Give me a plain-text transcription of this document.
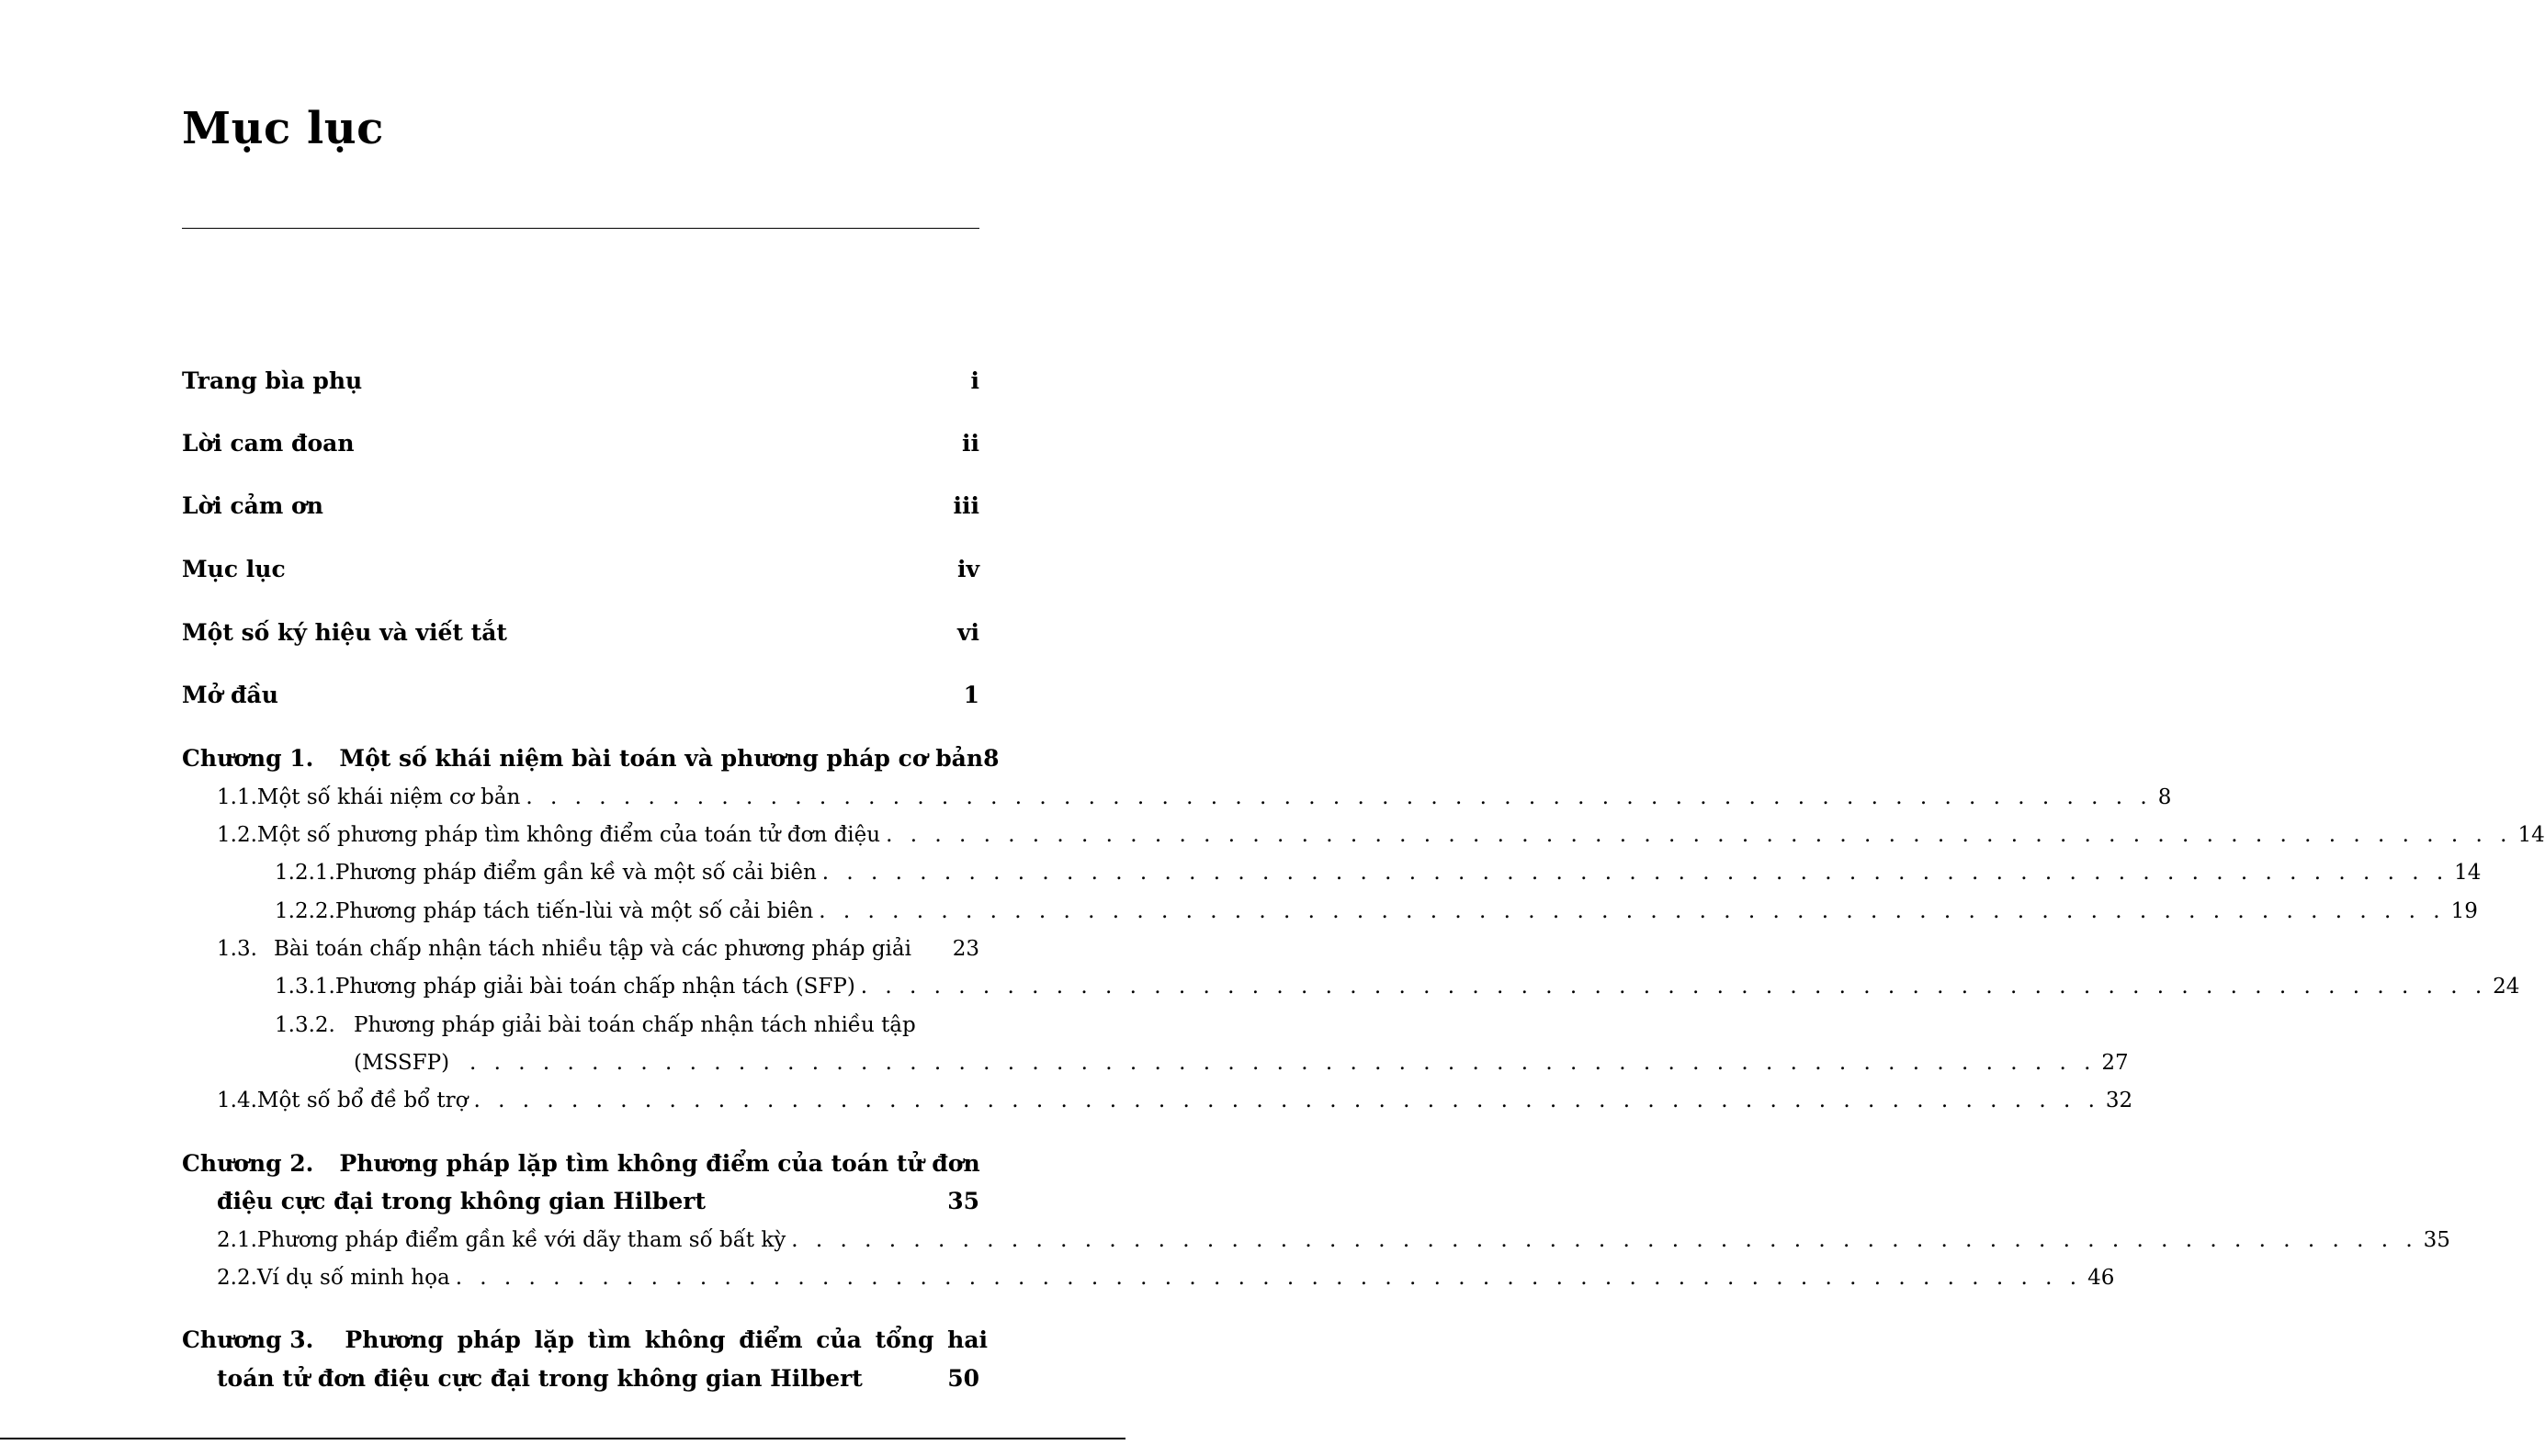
Mục lục
Trang bìa phụ	i
Lời cam đoan	ii
Lời cảm ơn	iii
Mục lục	iv
Một số ký hiệu và viết tắt	vi
Mở đầu	1
Chương 1. Một số khái niệm bài toán và phương pháp cơ bản 8
1.1. Một số khái niệm cơ bản . . . . . . . . . . . . . . . . . . . . . . . . . . . . . . . . . . . . . . . . . . . . . . . . . . . . . . . . . . . . . . . . . . . 8
1.2. Một số phương pháp tìm không điểm của toán tử đơn điệu . . . . . . . . . . . . . . . . . . . . . . . . . . . . . . . . . . . . . . . . . . . . . . . . . . . . . . . . . . . . . . . . . . . 14
1.2.1. Phương pháp điểm gần kề và một số cải biên . . . . . . . . . . . . . . . . . . . . . . . . . . . . . . . . . . . . . . . . . . . . . . . . . . . . . . . . . . . . . . . . . . . 14
1.2.2. Phương pháp tách tiến-lùi và một số cải biên . . . . . . . . . . . . . . . . . . . . . . . . . . . . . . . . . . . . . . . . . . . . . . . . . . . . . . . . . . . . . . . . . . . 19
1.3. Bài toán chấp nhận tách nhiều tập và các phương pháp giải 23
1.3.1. Phương pháp giải bài toán chấp nhận tách (SFP) . . . . . . . . . . . . . . . . . . . . . . . . . . . . . . . . . . . . . . . . . . . . . . . . . . . . . . . . . . . . . . . . . . . 24
1.3.2. Phương pháp giải bài toán chấp nhận tách nhiều tập
(MSSFP) . . . . . . . . . . . . . . . . . . . . . . . . . . . . . . . . . . . . . . . . . . . . . . . . . . . . . . . . . . . . . . . . . . . 27
1.4. Một số bổ đề bổ trợ . . . . . . . . . . . . . . . . . . . . . . . . . . . . . . . . . . . . . . . . . . . . . . . . . . . . . . . . . . . . . . . . . . . 32
Chương 2. Phương pháp lặp tìm không điểm của toán tử đơn
điệu cực đại trong không gian Hilbert	35
2.1. Phương pháp điểm gần kề với dãy tham số bất kỳ . . . . . . . . . . . . . . . . . . . . . . . . . . . . . . . . . . . . . . . . . . . . . . . . . . . . . . . . . . . . . . . . . . . 35
2.2. Ví dụ số minh họa . . . . . . . . . . . . . . . . . . . . . . . . . . . . . . . . . . . . . . . . . . . . . . . . . . . . . . . . . . . . . . . . . . . 46
Chương 3. Phương pháp lặp tìm không điểm của tổng hai
toán tử đơn điệu cực đại trong không gian Hilbert	50
